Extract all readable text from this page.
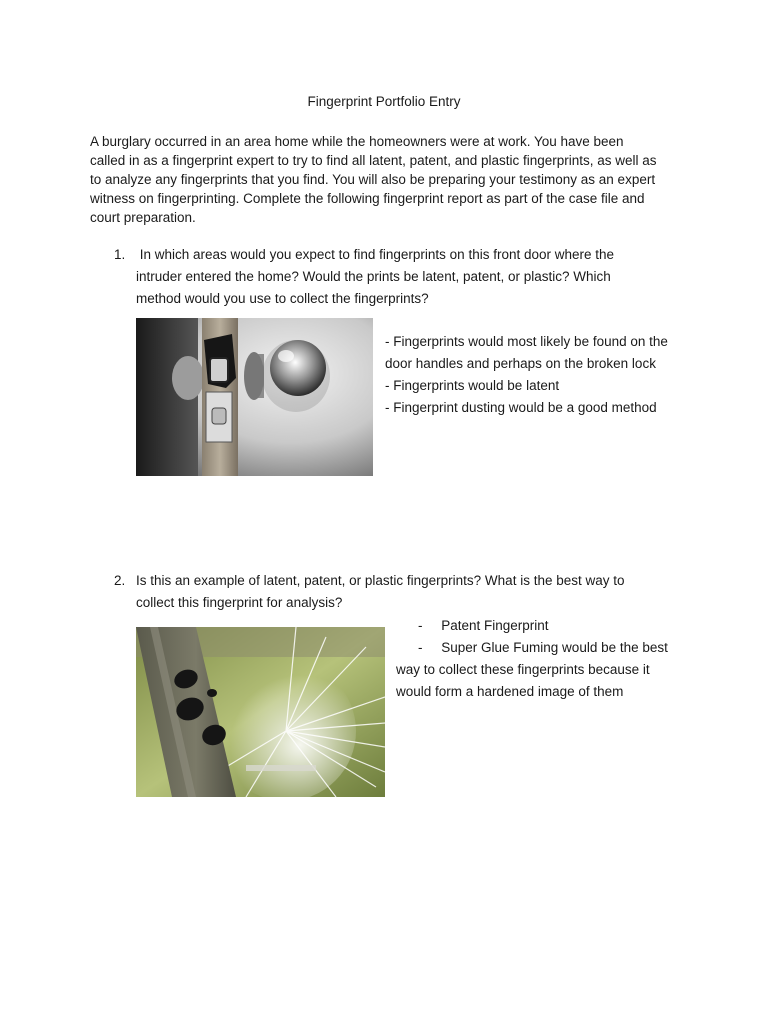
Fingerprint Portfolio Entry
A burglary occurred in an area home while the homeowners were at work. You have been
called in as a fingerprint expert to try to find all latent, patent, and plastic fingerprints, as well as
to analyze any fingerprints that you find. You will also be preparing your testimony as an expert
witness on fingerprinting. Complete the following fingerprint report as part of the case file and
court preparation.
1. In which areas would you expect to find fingerprints on this front door where the
intruder entered the home? Would the prints be latent, patent, or plastic? Which
method would you use to collect the fingerprints?
- Fingerprints would most likely be found on the
door handles and perhaps on the broken lock
- Fingerprints would be latent
- Fingerprint dusting would be a good method
2. Is this an example of latent, patent, or plastic fingerprints? What is the best way to
collect this fingerprint for analysis?
-     Patent Fingerprint
-     Super Glue Fuming would be the best
way to collect these fingerprints because it
would form a hardened image of them
